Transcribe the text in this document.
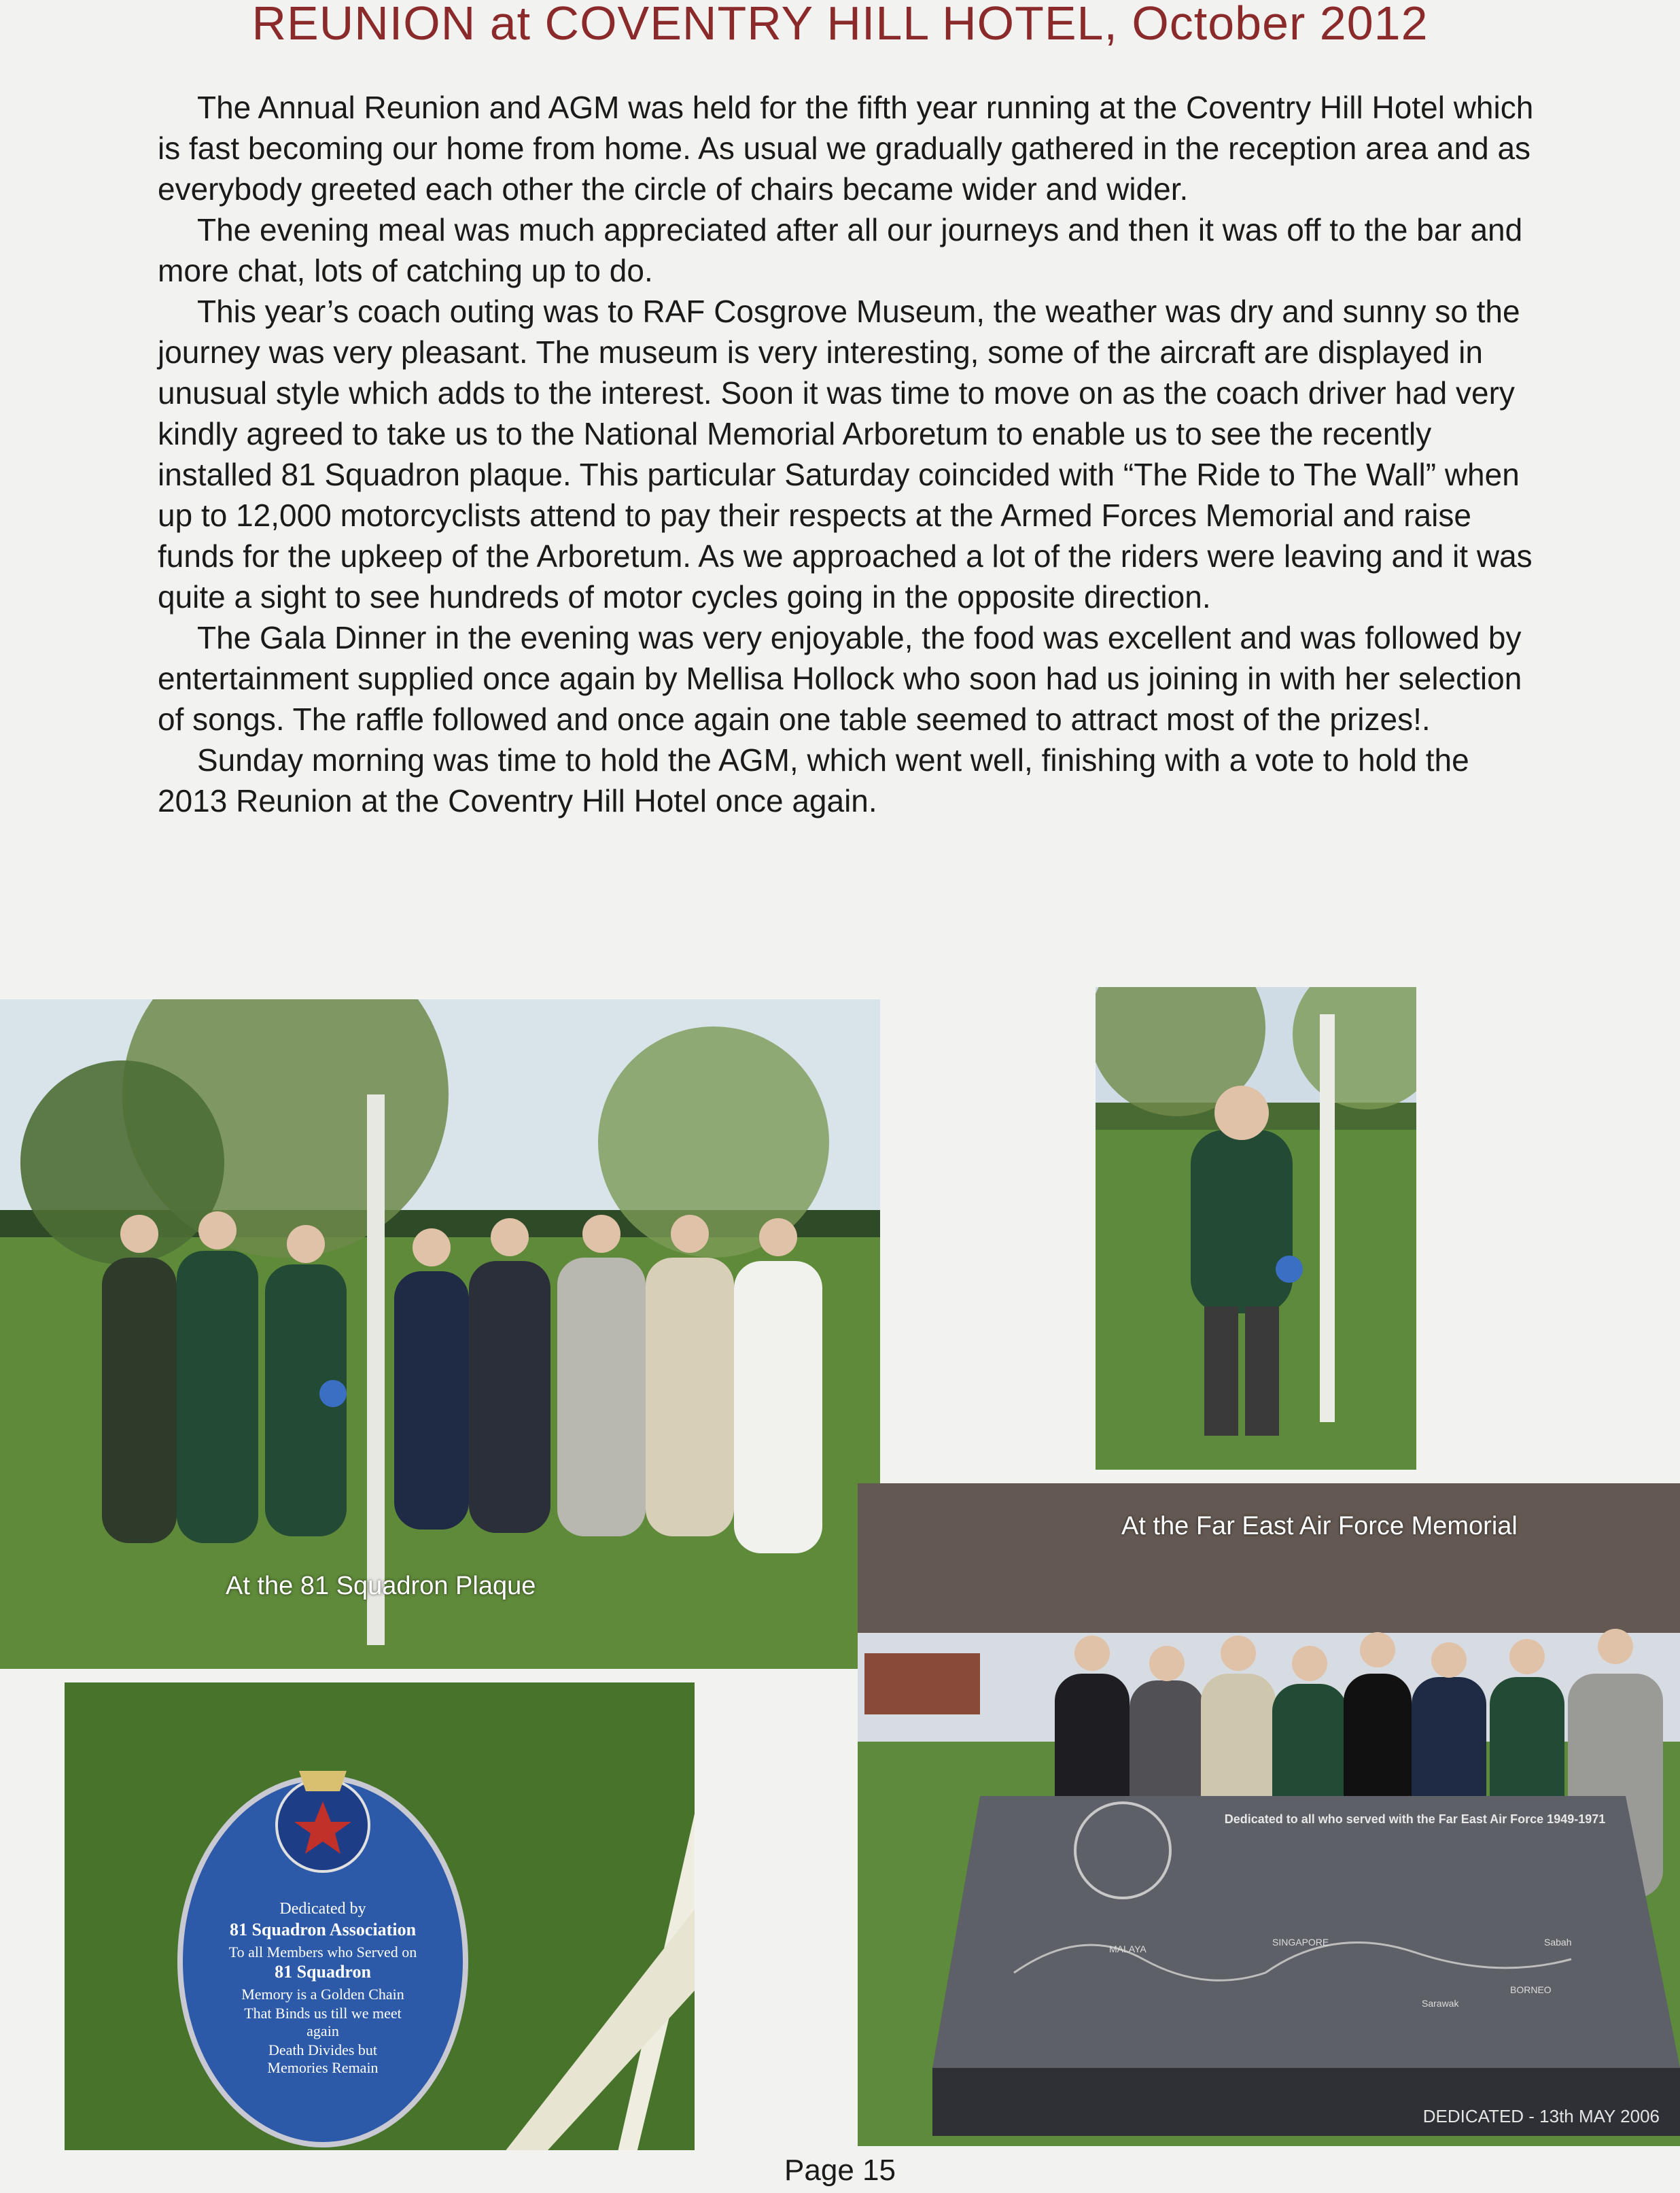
REUNION at COVENTRY HILL HOTEL, October 2012

The Annual Reunion and AGM was held for the fifth year running at the Coventry Hill Hotel which is fast becoming our home from home. As usual we gradually gathered in the reception area and as everybody greeted each other the circle of chairs became wider and wider.

The evening meal was much appreciated after all our journeys and then it was off to the bar and more chat, lots of catching up to do.

This year’s coach outing was to RAF Cosgrove Museum, the weather was dry and sunny so the journey was very pleasant. The museum is very interesting, some of the aircraft are displayed in unusual style which adds to the interest. Soon it was time to move on as the coach driver had very kindly agreed to take us to the National Memorial Arboretum to enable us to see the recently installed 81 Squadron plaque. This particular Saturday coincided with “The Ride to The Wall” when up to 12,000 motorcyclists attend to pay their respects at the Armed Forces Memorial and raise funds for the upkeep of the Arboretum. As we approached a lot of the riders were leaving and it was quite a sight to see hundreds of motor cycles going in the opposite direction.

The Gala Dinner in the evening was very enjoyable, the food was excellent and was followed by entertainment supplied once again by Mellisa Hollock who soon had us joining in with her selection of songs. The raffle followed and once again one table seemed to attract most of the prizes!.

Sunday morning was time to hold the AGM, which went well, finishing with a vote to hold the 2013 Reunion at the Coventry Hill Hotel once again.

At the 81 Squadron Plaque
Dedicated to all who served with the Far East Air Force 1949-1971
MALAYA
SINGAPORE
BORNEO
Sabah
Sarawak
DEDICATED - 13th MAY 2006
At the Far East Air Force Memorial
Dedicated by
81 Squadron Association
To all Members who Served on
81 Squadron
Memory is a Golden Chain
That Binds us till we meet
again
Death Divides but
Memories Remain
Page 15
